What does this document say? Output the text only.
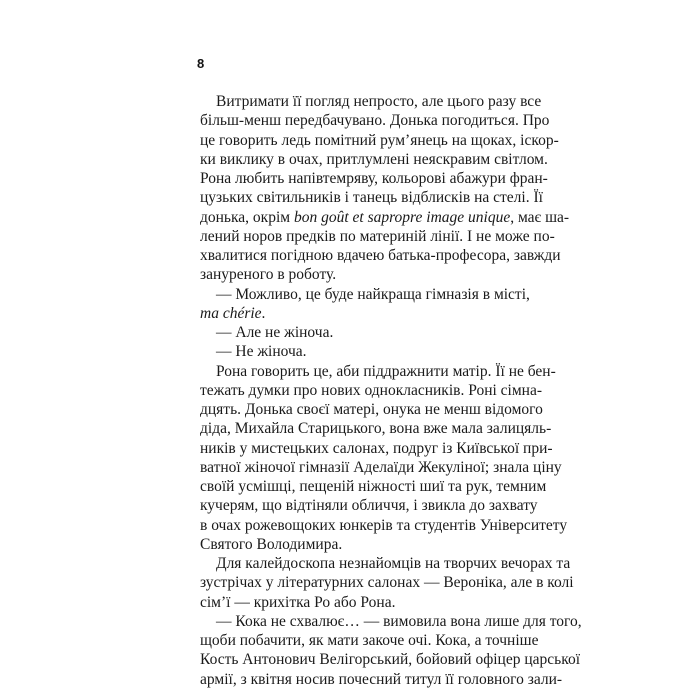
8
Витримати її погляд непросто, але цього разу все
більш-менш передбачувано. Донька погодиться. Про
це говорить ледь помітний рум’янець на щоках, іскор-
ки виклику в очах, притлумлені неяскравим світлом.
Рона любить напівтемряву, кольорові абажури фран-
цузьких світильників і танець відблисків на стелі. Її
донька, окрім bon goût et sapropre image unique, має ша-
лений норов предків по материній лінії. І не може по-
хвалитися погідною вдачею батька-професора, завжди
зануреного в роботу.
— Можливо, це буде найкраща гімназія в місті,
ma chérie.
— Але не жіноча.
— Не жіноча.
Рона говорить це, аби піддражнити матір. Її не бен-
тежать думки про нових однокласників. Роні сімна-
дцять. Донька своєї матері, онука не менш відомого
діда, Михайла Старицького, вона вже мала залицяль-
ників у мистецьких салонах, подруг із Київської при-
ватної жіночої гімназії Аделаїди Жекуліної; знала ціну
своїй усмішці, пещеній ніжності шиї та рук, темним
кучерям, що відтіняли обличчя, і звикла до захвату
в очах рожевощоких юнкерів та студентів Університету
Святого Володимира.
Для калейдоскопа незнайомців на творчих вечорах та
зустрічах у літературних салонах — Вероніка, але в колі
сім’ї — крихітка Ро або Рона.
— Кока не схвалює… — вимовила вона лише для того,
щоби побачити, як мати закоче очі. Кока, а точніше
Кость Антонович Велігорський, бойовий офіцер царської
армії, з квітня носив почесний титул її головного зали-
